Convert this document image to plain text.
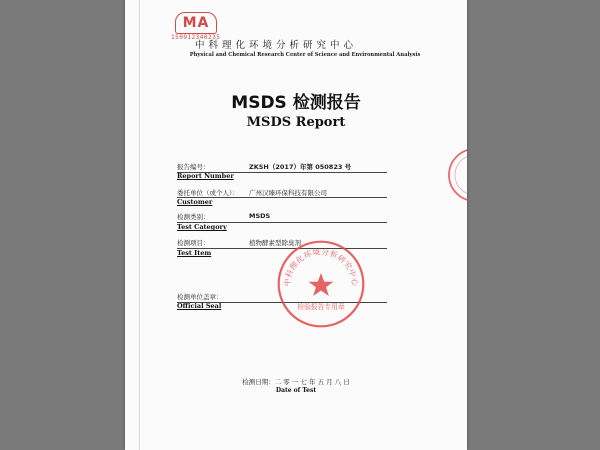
MA
150912340235
中科理化环境分析研究中心
Physical and Chemical Research Center of Science and Environmental Analysis
MSDS 检测报告
MSDS Report
报告编号：	ZKSH（2017）年第 050823 号
Report Number
委托单位（或个人）： 广州汉臻环保科技有限公司
Customer
检测类别：	MSDS
Test Category
检测项目：	植物酵素型除臭剂
Test Item
检测单位盖章：
Official Seal
中科理化环境分析研究中心
检验报告专用章
检测日期：二 零 一 七 年 五 月 八 日
Date of Test
